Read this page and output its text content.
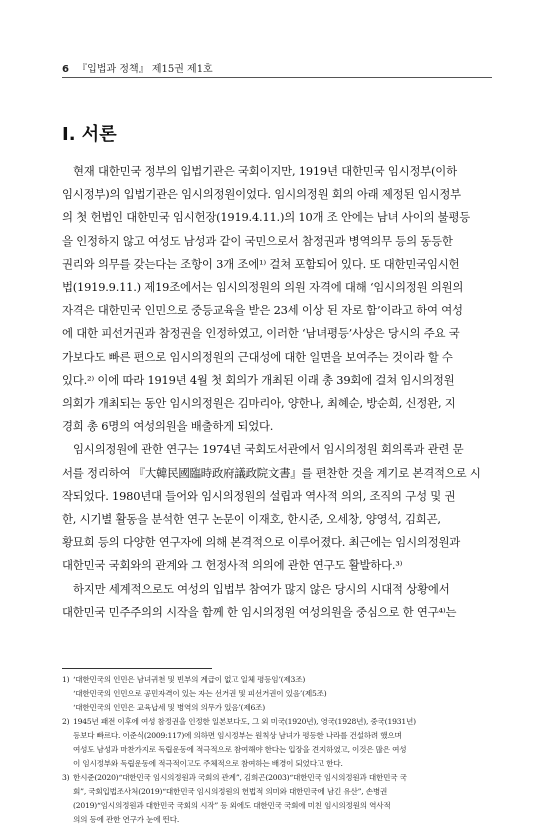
6 『입법과 정책』 제15권 제1호
Ⅰ. 서론

현재 대한민국 정부의 입법기관은 국회이지만, 1919년 대한민국 임시정부(이하
임시정부)의 입법기관은 임시의정원이었다. 임시의정원 회의 아래 제정된 임시정부
의 첫 헌법인 대한민국 임시헌장(1919.4.11.)의 10개 조 안에는 남녀 사이의 불평등
을 인정하지 않고 여성도 남성과 같이 국민으로서 참정권과 병역의무 등의 동등한
권리와 의무를 갖는다는 조항이 3개 조에¹⁾ 걸쳐 포함되어 있다. 또 대한민국임시헌
법(1919.9.11.) 제19조에서는 임시의정원의 의원 자격에 대해 ‘임시의정원 의원의
자격은 대한민국 인민으로 중등교육을 받은 23세 이상 된 자로 함’이라고 하여 여성
에 대한 피선거권과 참정권을 인정하였고, 이러한 ‘남녀평등’사상은 당시의 주요 국
가보다도 빠른 편으로 임시의정원의 근대성에 대한 일면을 보여주는 것이라 할 수
있다.²⁾ 이에 따라 1919년 4월 첫 회의가 개최된 이래 총 39회에 걸쳐 임시의정원
의회가 개최되는 동안 임시의정원은 김마리아, 양한나, 최혜순, 방순희, 신정완, 지
경희 총 6명의 여성의원을 배출하게 되었다.

임시의정원에 관한 연구는 1974년 국회도서관에서 임시의정원 회의록과 관련 문
서를 정리하여 『大韓民國臨時政府議政院文書』를 편찬한 것을 계기로 본격적으로 시
작되었다. 1980년대 들어와 임시의정원의 설립과 역사적 의의, 조직의 구성 및 권
한, 시기별 활동을 분석한 연구 논문이 이재호, 한시준, 오세창, 양영석, 김희곤,
황묘희 등의 다양한 연구자에 의해 본격적으로 이루어졌다. 최근에는 임시의정원과
대한민국 국회와의 관계와 그 헌정사적 의의에 관한 연구도 활발하다.³⁾

하지만 세계적으로도 여성의 입법부 참여가 많지 않은 당시의 시대적 상황에서
대한민국 민주주의의 시작을 함께 한 임시의정원 여성의원을 중심으로 한 연구⁴⁾는

1) ‘대한민국의 인민은 남녀귀천 및 빈부의 계급이 없고 일체 평등임’(제3조)
‘대한민국의 인민으로 공민자격이 있는 자는 선거권 및 피선거권이 있음’(제5조)
‘대한민국의 인민은 교육납세 및 병역의 의무가 있음’(제6조)
2) 1945년 패전 이후에 여성 참정권을 인정한 일본보다도, 그 외 미국(1920년), 영국(1928년), 중국(1931년)
등보다 빠르다. 이준식(2009:117)에 의하면 임시정부는 원칙상 남녀가 평등한 나라를 건설하려 했으며
여성도 남성과 마찬가지로 독립운동에 적극적으로 참여해야 한다는 입장을 견지하였고, 이것은 많은 여성
이 임시정부와 독립운동에 적극적이고도 주체적으로 참여하는 배경이 되었다고 한다.
3) 한시준(2020)“대한민국 임시의정원과 국회의 관계”, 김희곤(2003)“대한민국 임시의정원과 대한민국 국
회”, 국회입법조사처(2019)“대한민국 임시의정원의 헌법적 의미와 대한민국에 남긴 유산”, 손병권
(2019)“임시의정원과 대한민국 국회의 시작” 등 외에도 대한민국 국회에 미친 임시의정원의 역사적
의의 등에 관한 연구가 눈에 띈다.
